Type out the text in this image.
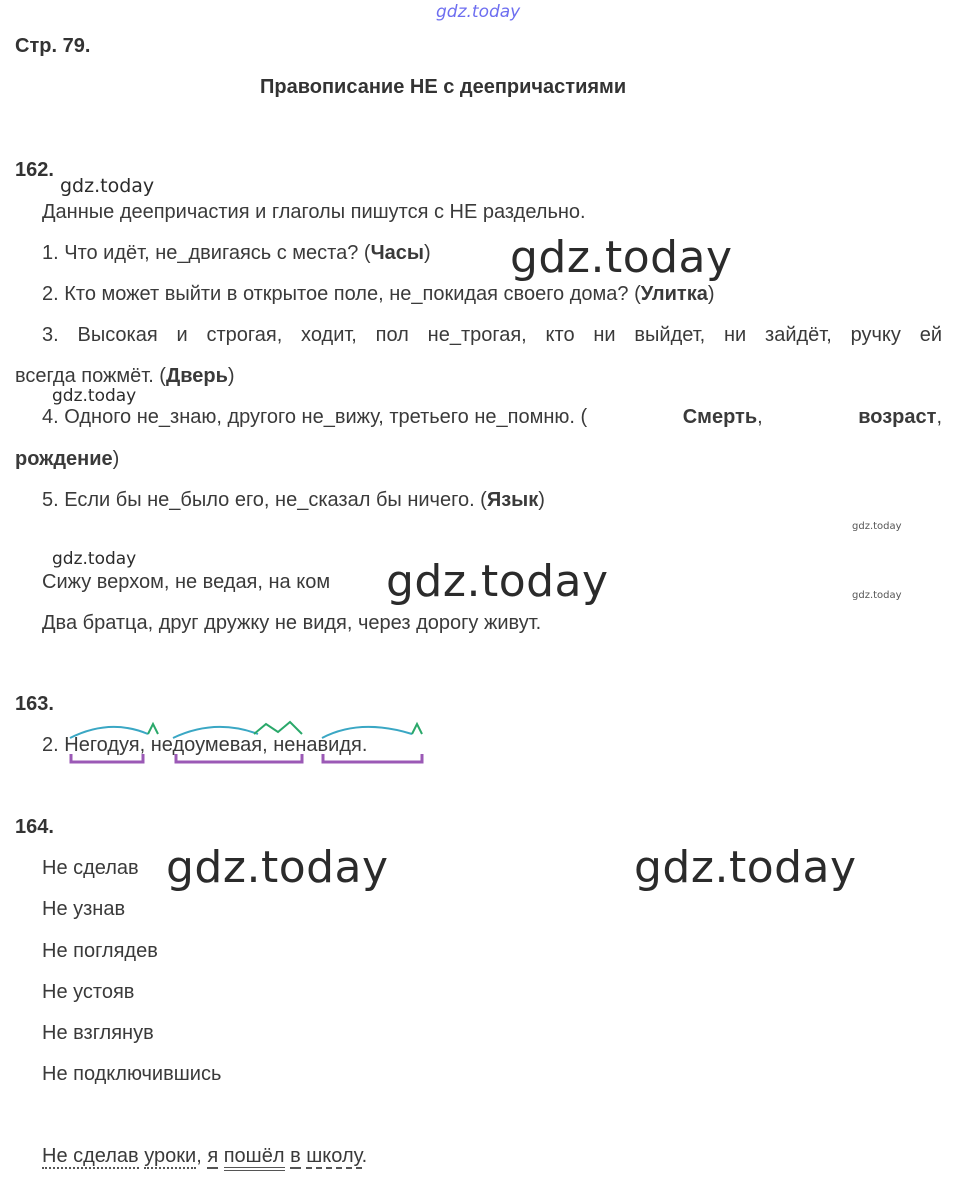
gdz.today
Стр. 79.
Правописание НЕ с деепричастиями
162.
Данные деепричастия и глаголы пишутся с НЕ раздельно.
1. Что идёт, не_двигаясь с места? (Часы)
2. Кто может выйти в открытое поле, не_покидая своего дома? (Улитка)
3. Высокая и строгая, ходит, пол не_трогая, кто ни выйдет, ни зайдёт, ручку ей
всегда пожмёт. (Дверь)
4. Одного не_знаю, другого не_вижу, третьего не_помню. (	Смерть,	возраст,
рождение)
5. Если бы не_было его, не_сказал бы ничего. (Язык)
Сижу верхом, не ведая, на ком
Два братца, друг дружку не видя, через дорогу живут.
163.
2. Негодуя, недоумевая, ненавидя.
164.
Не сделав
Не узнав
Не поглядев
Не устояв
Не взглянув
Не подключившись
Не сделав уроки, я пошёл в школу.
gdz.today
gdz.today
gdz.today
gdz.today
gdz.today	gdz.today	gdz.today
gdz.today	gdz.today
